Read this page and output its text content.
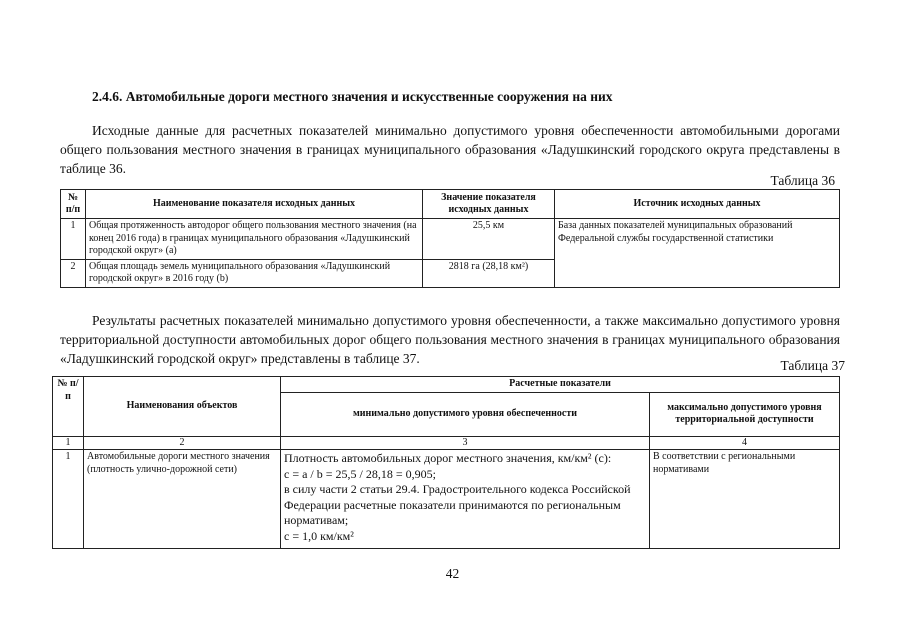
2.4.6. Автомобильные дороги местного значения и искусственные сооружения на них

Исходные данные для расчетных показателей минимально допустимого уровня обеспеченности автомобильными дорогами общего пользования местного значения в границах муниципального образования «Ладушкинский городского округа представлены в таблице 36.

Таблица 36
№ п/п	Наименование показателя исходных данных	Значение показателя исходных данных	Источник исходных данных
1	Общая протяженность автодорог общего пользования местного значения (на конец 2016 года) в границах муниципального образования «Ладушкинский городской округ» (a)	25,5 км	База данных показателей муниципальных образований Федеральной службы государственной статистики
2	Общая площадь земель муниципального образования «Ладушкинский городской округ» в 2016 году (b)	2818 га (28,18 км²)	

Результаты расчетных показателей минимально допустимого уровня обеспеченности, а также максимально допустимого уровня территориальной доступности автомобильных дорог общего пользования местного значения в границах муниципального образования «Ладушкинский городской округ» представлены в таблице 37.	Таблица 37
№ п/п	Наименования объектов	Расчетные показатели	
		минимально допустимого уровня обеспеченности	максимально допустимого уровня территориальной доступности
1	2	3	4
1	Автомобильные дороги местного значения (плотность улично-дорожной сети)	Плотность автомобильных дорог местного значения, км/км² (с):
с = a / b = 25,5 / 28,18 = 0,905;
в силу части 2 статьи 29.4. Градостроительного кодекса Российской Федерации расчетные показатели принимаются по региональным нормативам;
с = 1,0 км/км²	В соответствии с региональными нормативами
42
